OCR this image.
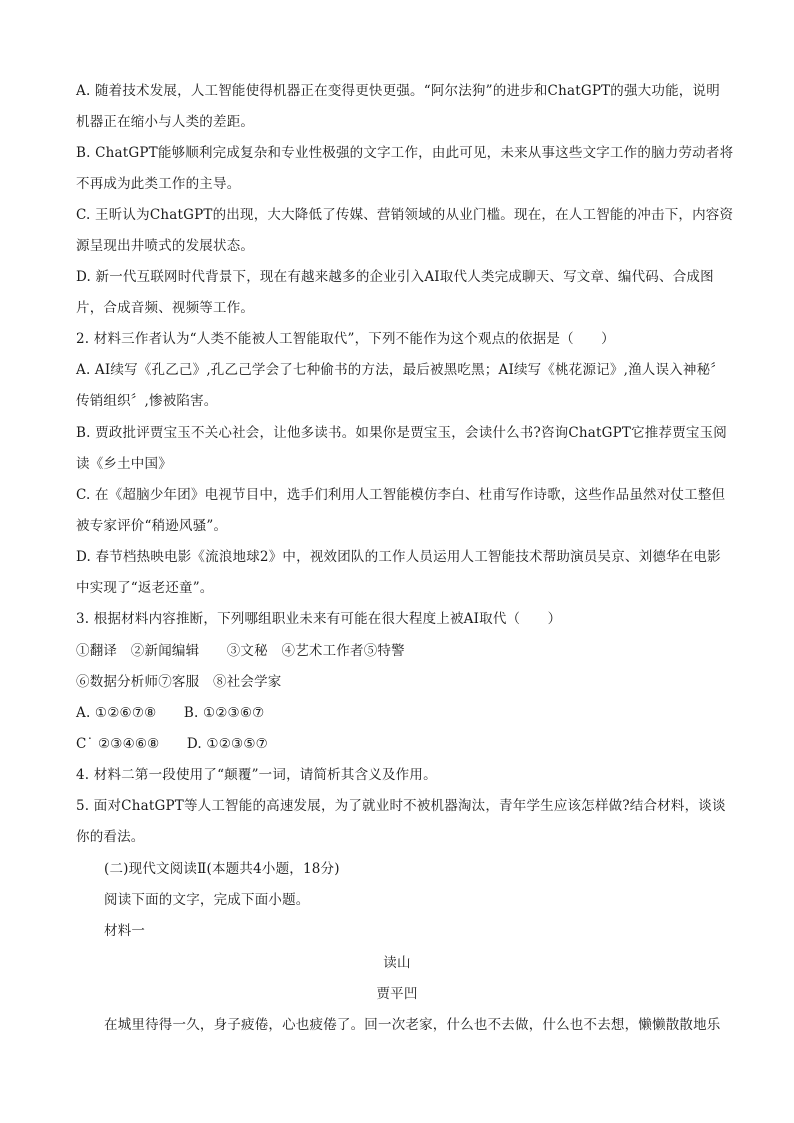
A. 随着技术发展，人工智能使得机器正在变得更快更强。“阿尔法狗”的进步和ChatGPT的强大功能，说明
机器正在缩小与人类的差距。
B. ChatGPT能够顺利完成复杂和专业性极强的文字工作，由此可见，未来从事这些文字工作的脑力劳动者将
不再成为此类工作的主导。
C. 王昕认为ChatGPT的出现，大大降低了传媒、营销领域的从业门槛。现在，在人工智能的冲击下，内容资
源呈现出井喷式的发展状态。
D. 新一代互联网时代背景下，现在有越来越多的企业引入AI取代人类完成聊天、写文章、编代码、合成图
片，合成音频、视频等工作。
2. 材料三作者认为“人类不能被人工智能取代”，下列不能作为这个观点的依据是（　　）
A. AI续写《孔乙己》,孔乙己学会了七种偷书的方法，最后被黑吃黑；AI续写《桃花源记》,渔人误入神秘〞
传销组织〞,惨被陷害。
B. 贾政批评贾宝玉不关心社会，让他多读书。如果你是贾宝玉，会读什么书?咨询ChatGPT它推荐贾宝玉阅
读《乡土中国》
C. 在《超脑少年团》电视节目中，选手们利用人工智能模仿李白、杜甫写作诗歌，这些作品虽然对仗工整但
被专家评价“稍逊风骚”。
D. 春节档热映电影《流浪地球2》中，视效团队的工作人员运用人工智能技术帮助演员吴京、刘德华在电影
中实现了“返老还童”。
3. 根据材料内容推断，下列哪组职业未来有可能在很大程度上被AI取代（　　）
①翻译　②新闻编辑　　③文秘　④艺术工作者⑤特警
⑥数据分析师⑦客服　⑧社会学家
A. ①②⑥⑦⑧　　B. ①②③⑥⑦
C˙ ②③④⑥⑧　　D. ①②③⑤⑦
4. 材料二第一段使用了“颠覆”一词，请简析其含义及作用。
5. 面对ChatGPT等人工智能的高速发展，为了就业时不被机器淘汰，青年学生应该怎样做?结合材料，谈谈
你的看法。
(二)现代文阅读Ⅱ(本题共4小题，18分)
阅读下面的文字，完成下面小题。
材料一
读山
贾平凹
在城里待得一久，身子疲倦，心也疲倦了。回一次老家，什么也不去做，什么也不去想，懒懒散散地乐
